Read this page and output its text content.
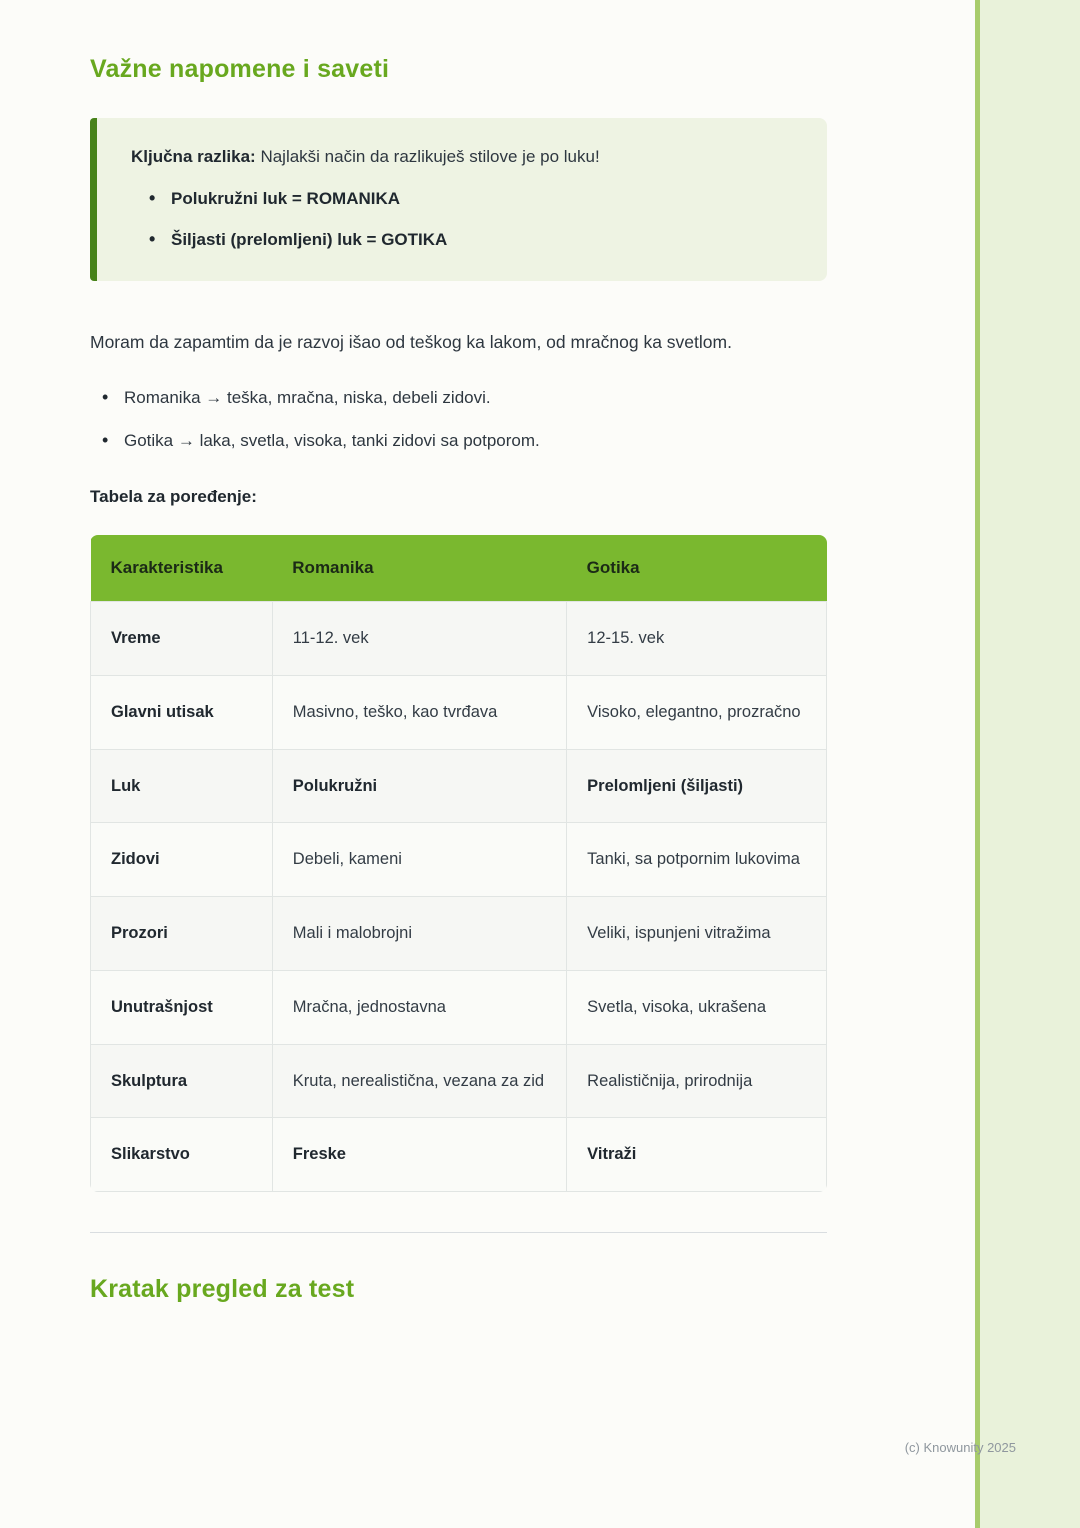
Važne napomene i saveti

Ključna razlika: Najlakši način da razlikuješ stilove je po luku!

• Polukružni luk = ROMANIKA
• Šiljasti (prelomljeni) luk = GOTIKA

Moram da zapamtim da je razvoj išao od teškog ka lakom, od mračnog ka svetlom.

• Romanika → teška, mračna, niska, debeli zidovi.
• Gotika → laka, svetla, visoka, tanki zidovi sa potporom.

Tabela za poređenje:

Karakteristika	Romanika	Gotika
Vreme	11-12. vek	12-15. vek
Glavni utisak	Masivno, teško, kao tvrđava	Visoko, elegantno, prozračno
Luk	Polukružni	Prelomljeni (šiljasti)
Zidovi	Debeli, kameni	Tanki, sa potpornim lukovima
Prozori	Mali i malobrojni	Veliki, ispunjeni vitražima
Unutrašnjost	Mračna, jednostavna	Svetla, visoka, ukrašena
Skulptura	Kruta, nerealistična, vezana za zid	Realističnija, prirodnija
Slikarstvo	Freske	Vitraži
Kratak pregled za test
(c) Knowunity 2025
